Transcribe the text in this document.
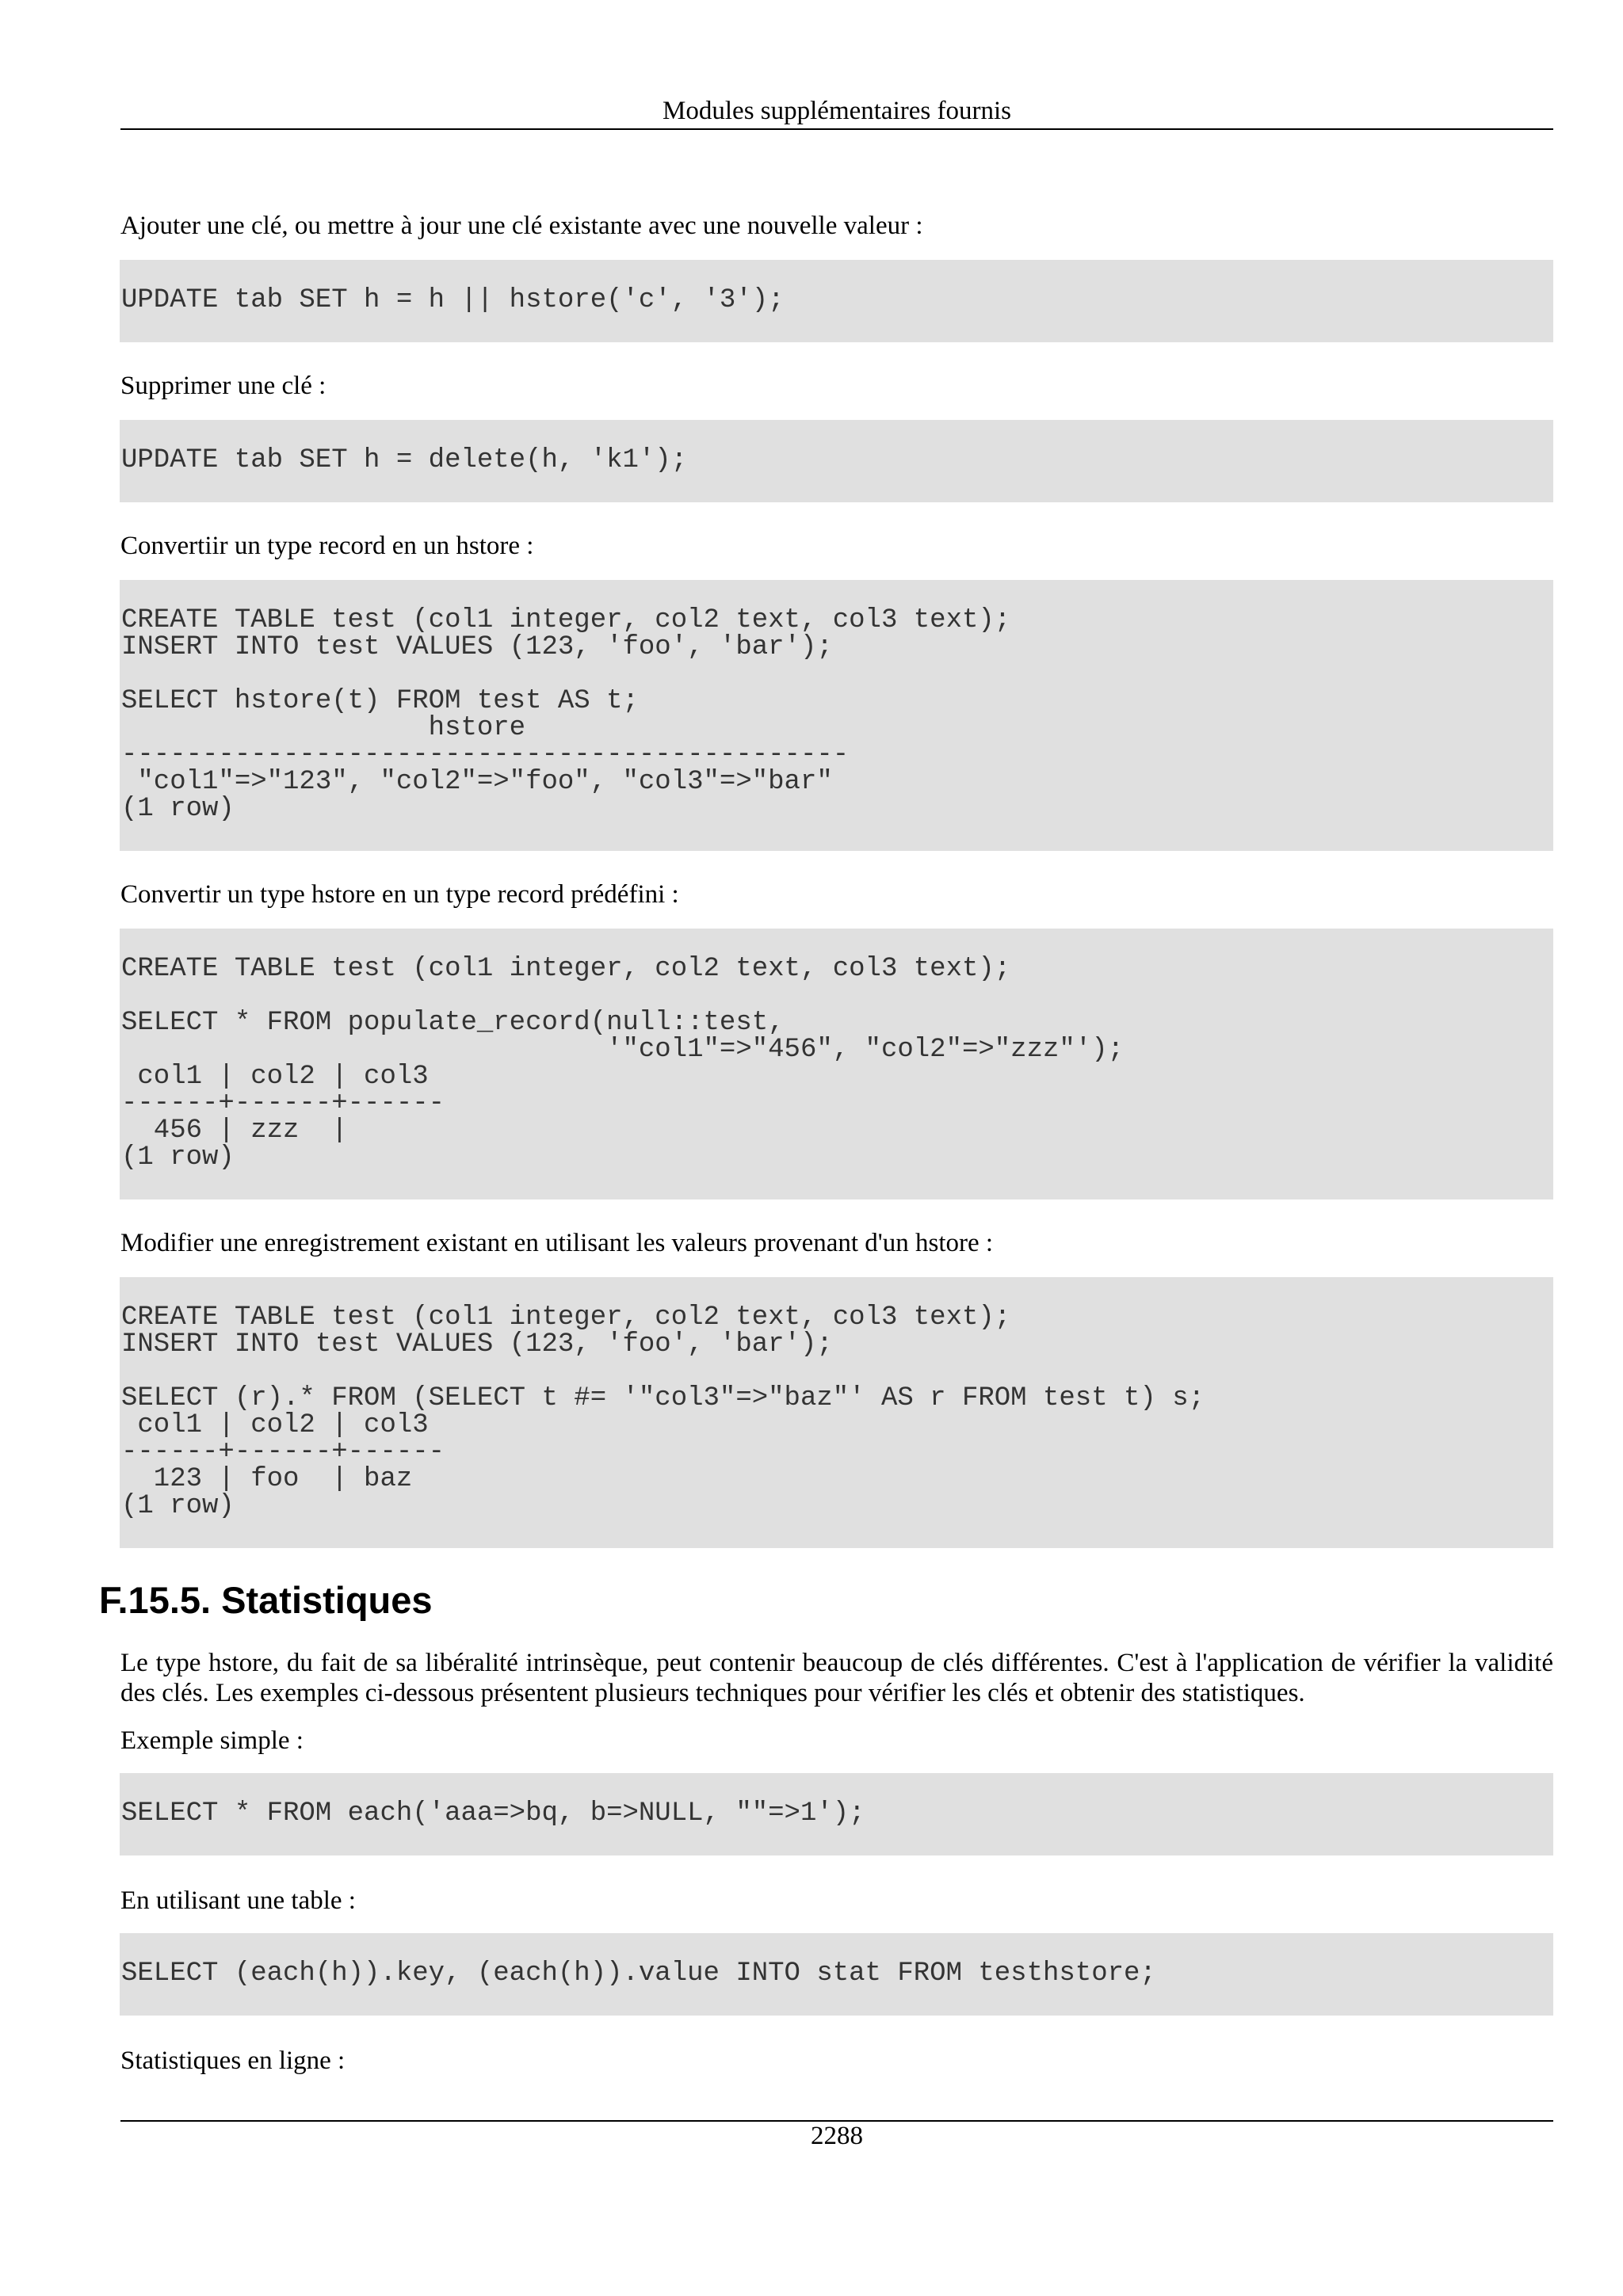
Modules supplémentaires fournis

Ajouter une clé, ou mettre à jour une clé existante avec une nouvelle valeur :

UPDATE tab SET h = h || hstore('c', '3');

Supprimer une clé :

UPDATE tab SET h = delete(h, 'k1');

Convertiir un type record en un hstore :

CREATE TABLE test (col1 integer, col2 text, col3 text);
INSERT INTO test VALUES (123, 'foo', 'bar');

SELECT hstore(t) FROM test AS t;
hstore
---------------------------------------------
"col1"=>"123", "col2"=>"foo", "col3"=>"bar"
(1 row)

Convertir un type hstore en un type record prédéfini :

CREATE TABLE test (col1 integer, col2 text, col3 text);

SELECT * FROM populate_record(null::test,
'"col1"=>"456", "col2"=>"zzz"');
col1 | col2 | col3
------+------+------
456 | zzz  |
(1 row)

Modifier une enregistrement existant en utilisant les valeurs provenant d'un hstore :

CREATE TABLE test (col1 integer, col2 text, col3 text);
INSERT INTO test VALUES (123, 'foo', 'bar');

SELECT (r).* FROM (SELECT t #= '"col3"=>"baz"' AS r FROM test t) s;
col1 | col2 | col3
------+------+------
123 | foo  | baz
(1 row)
F.15.5. Statistiques

Le type hstore, du fait de sa libéralité intrinsèque, peut contenir beaucoup de clés différentes. C'est à l'application de vérifier la validité des clés. Les exemples ci-dessous présentent plusieurs techniques pour vérifier les clés et obtenir des statistiques.

Exemple simple :

SELECT * FROM each('aaa=>bq, b=>NULL, ""=>1');

En utilisant une table :

SELECT (each(h)).key, (each(h)).value INTO stat FROM testhstore;

Statistiques en ligne :

2288
